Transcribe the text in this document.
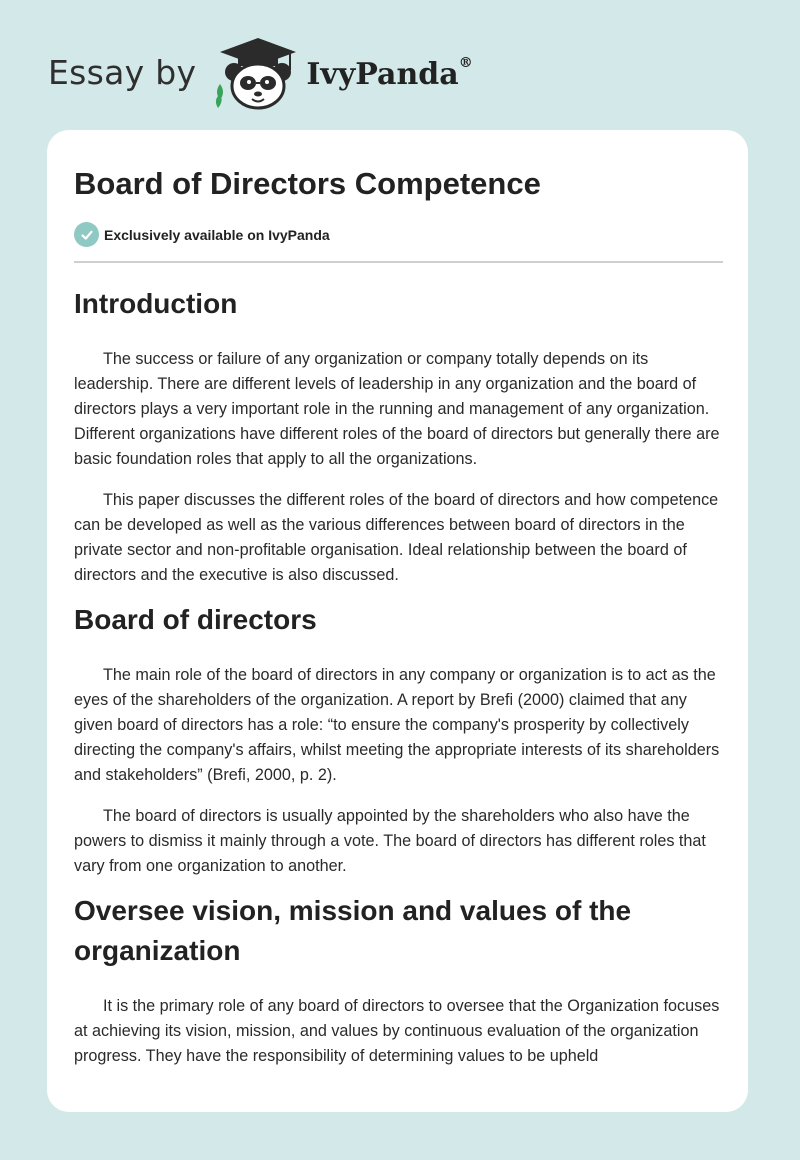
Essay by	IvyPanda®
Board of Directors Competence
Exclusively available on IvyPanda
Introduction

The success or failure of any organization or company totally depends on its leadership. There are different levels of leadership in any organization and the board of directors plays a very important role in the running and management of any organization. Different organizations have different roles of the board of directors but generally there are basic foundation roles that apply to all the organizations.

This paper discusses the different roles of the board of directors and how competence can be developed as well as the various differences between board of directors in the private sector and non-profitable organisation. Ideal relationship between the board of directors and the executive is also discussed.

Board of directors

The main role of the board of directors in any company or organization is to act as the eyes of the shareholders of the organization. A report by Brefi (2000) claimed that any given board of directors has a role: “to ensure the company's prosperity by collectively directing the company's affairs, whilst meeting the appropriate interests of its shareholders and stakeholders” (Brefi, 2000, p. 2).

The board of directors is usually appointed by the shareholders who also have the powers to dismiss it mainly through a vote. The board of directors has different roles that vary from one organization to another.

Oversee vision, mission and values of the organization

It is the primary role of any board of directors to oversee that the Organization focuses at achieving its vision, mission, and values by continuous evaluation of the organization progress. They have the responsibility of determining values to be upheld
